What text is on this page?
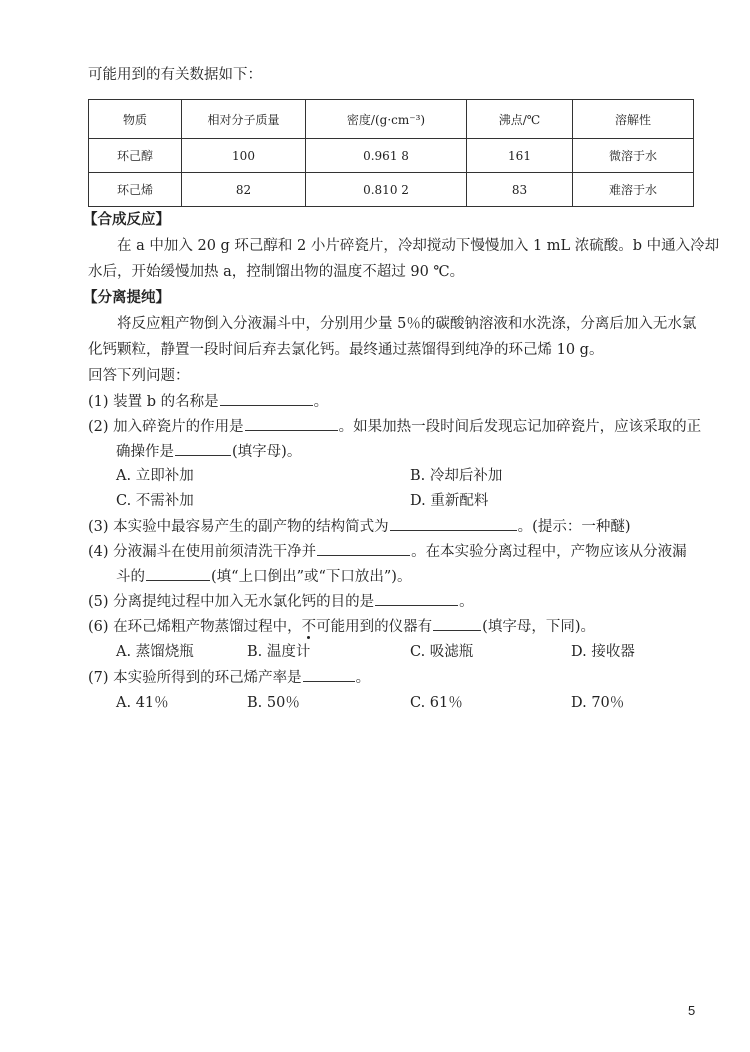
可能用到的有关数据如下：
物质	相对分子质量	密度/(g·cm⁻³)	沸点/℃	溶解性
环己醇	100	0.961 8	161	微溶于水
环己烯	82	0.810 2	83	难溶于水
【合成反应】
在 a 中加入 20 g 环己醇和 2 小片碎瓷片，冷却搅动下慢慢加入 1 mL 浓硫酸。b 中通入冷却
水后，开始缓慢加热 a，控制馏出物的温度不超过 90 ℃。
【分离提纯】
将反应粗产物倒入分液漏斗中，分别用少量 5％的碳酸钠溶液和水洗涤，分离后加入无水氯
化钙颗粒，静置一段时间后弃去氯化钙。最终通过蒸馏得到纯净的环己烯 10 g。
回答下列问题：
(1) 装置 b 的名称是	。
(2) 加入碎瓷片的作用是	。如果加热一段时间后发现忘记加碎瓷片，应该采取的正
确操作是	(填字母)。
A. 立即补加	B. 冷却后补加
C. 不需补加	D. 重新配料
(3) 本实验中最容易产生的副产物的结构简式为	。(提示：一种醚)
(4) 分液漏斗在使用前须清洗干净并	。在本实验分离过程中，产物应该从分液漏
斗的	(填“上口倒出”或“下口放出”)。
(5) 分离提纯过程中加入无水氯化钙的目的是	。
(6) 在环己烯粗产物蒸馏过程中，不可能用到的仪器有	(填字母，下同)。
A. 蒸馏烧瓶	B. 温度计	C. 吸滤瓶	D. 接收器
(7) 本实验所得到的环己烯产率是	。
A. 41％	B. 50％	C. 61％	D. 70％
5
